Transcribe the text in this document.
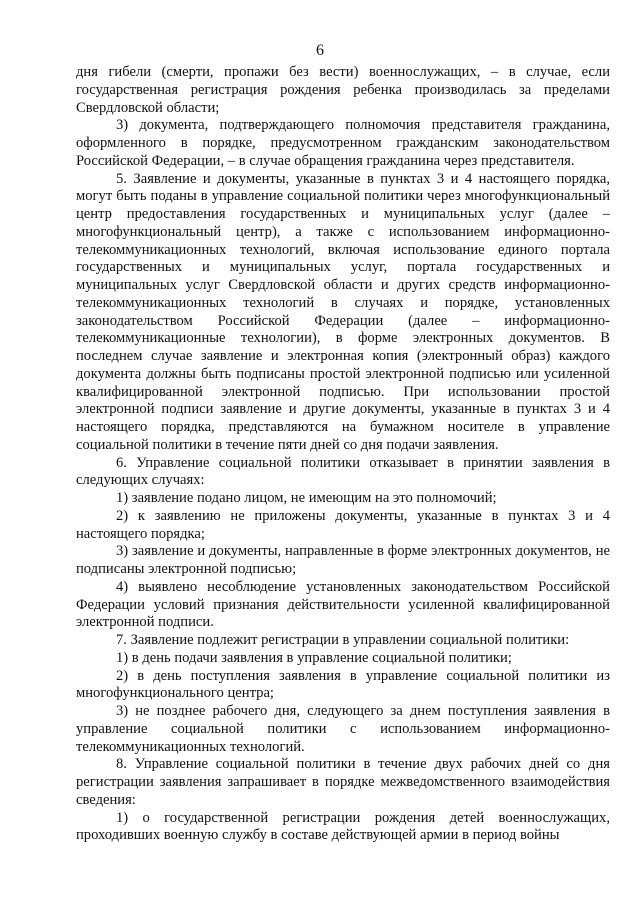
6

дня гибели (смерти, пропажи без вести) военнослужащих, – в случае, если государственная регистрация рождения ребенка производилась за пределами Свердловской области;

3) документа, подтверждающего полномочия представителя гражданина, оформленного в порядке, предусмотренном гражданским законодательством Российской Федерации, – в случае обращения гражданина через представителя.

5. Заявление и документы, указанные в пунктах 3 и 4 настоящего порядка, могут быть поданы в управление социальной политики через многофункциональный центр предоставления государственных и муниципальных услуг (далее – многофункциональный центр), а также с использованием информационно-телекоммуникационных технологий, включая использование единого портала государственных и муниципальных услуг, портала государственных и муниципальных услуг Свердловской области и других средств информационно-телекоммуникационных технологий в случаях и порядке, установленных законодательством Российской Федерации (далее – информационно-телекоммуникационные технологии), в форме электронных документов. В последнем случае заявление и электронная копия (электронный образ) каждого документа должны быть подписаны простой электронной подписью или усиленной квалифицированной электронной подписью. При использовании простой электронной подписи заявление и другие документы, указанные в пунктах 3 и 4 настоящего порядка, представляются на бумажном носителе в управление социальной политики в течение пяти дней со дня подачи заявления.

6. Управление социальной политики отказывает в принятии заявления в следующих случаях:

1) заявление подано лицом, не имеющим на это полномочий;

2) к заявлению не приложены документы, указанные в пунктах 3 и 4 настоящего порядка;

3) заявление и документы, направленные в форме электронных документов, не подписаны электронной подписью;

4) выявлено несоблюдение установленных законодательством Российской Федерации условий признания действительности усиленной квалифицированной электронной подписи.

7. Заявление подлежит регистрации в управлении социальной политики:

1) в день подачи заявления в управление социальной политики;

2) в день поступления заявления в управление социальной политики из многофункционального центра;

3) не позднее рабочего дня, следующего за днем поступления заявления в управление социальной политики с использованием информационно-телекоммуникационных технологий.

8. Управление социальной политики в течение двух рабочих дней со дня регистрации заявления запрашивает в порядке межведомственного взаимодействия сведения:

1) о государственной регистрации рождения детей военнослужащих, проходивших военную службу в составе действующей армии в период войны
